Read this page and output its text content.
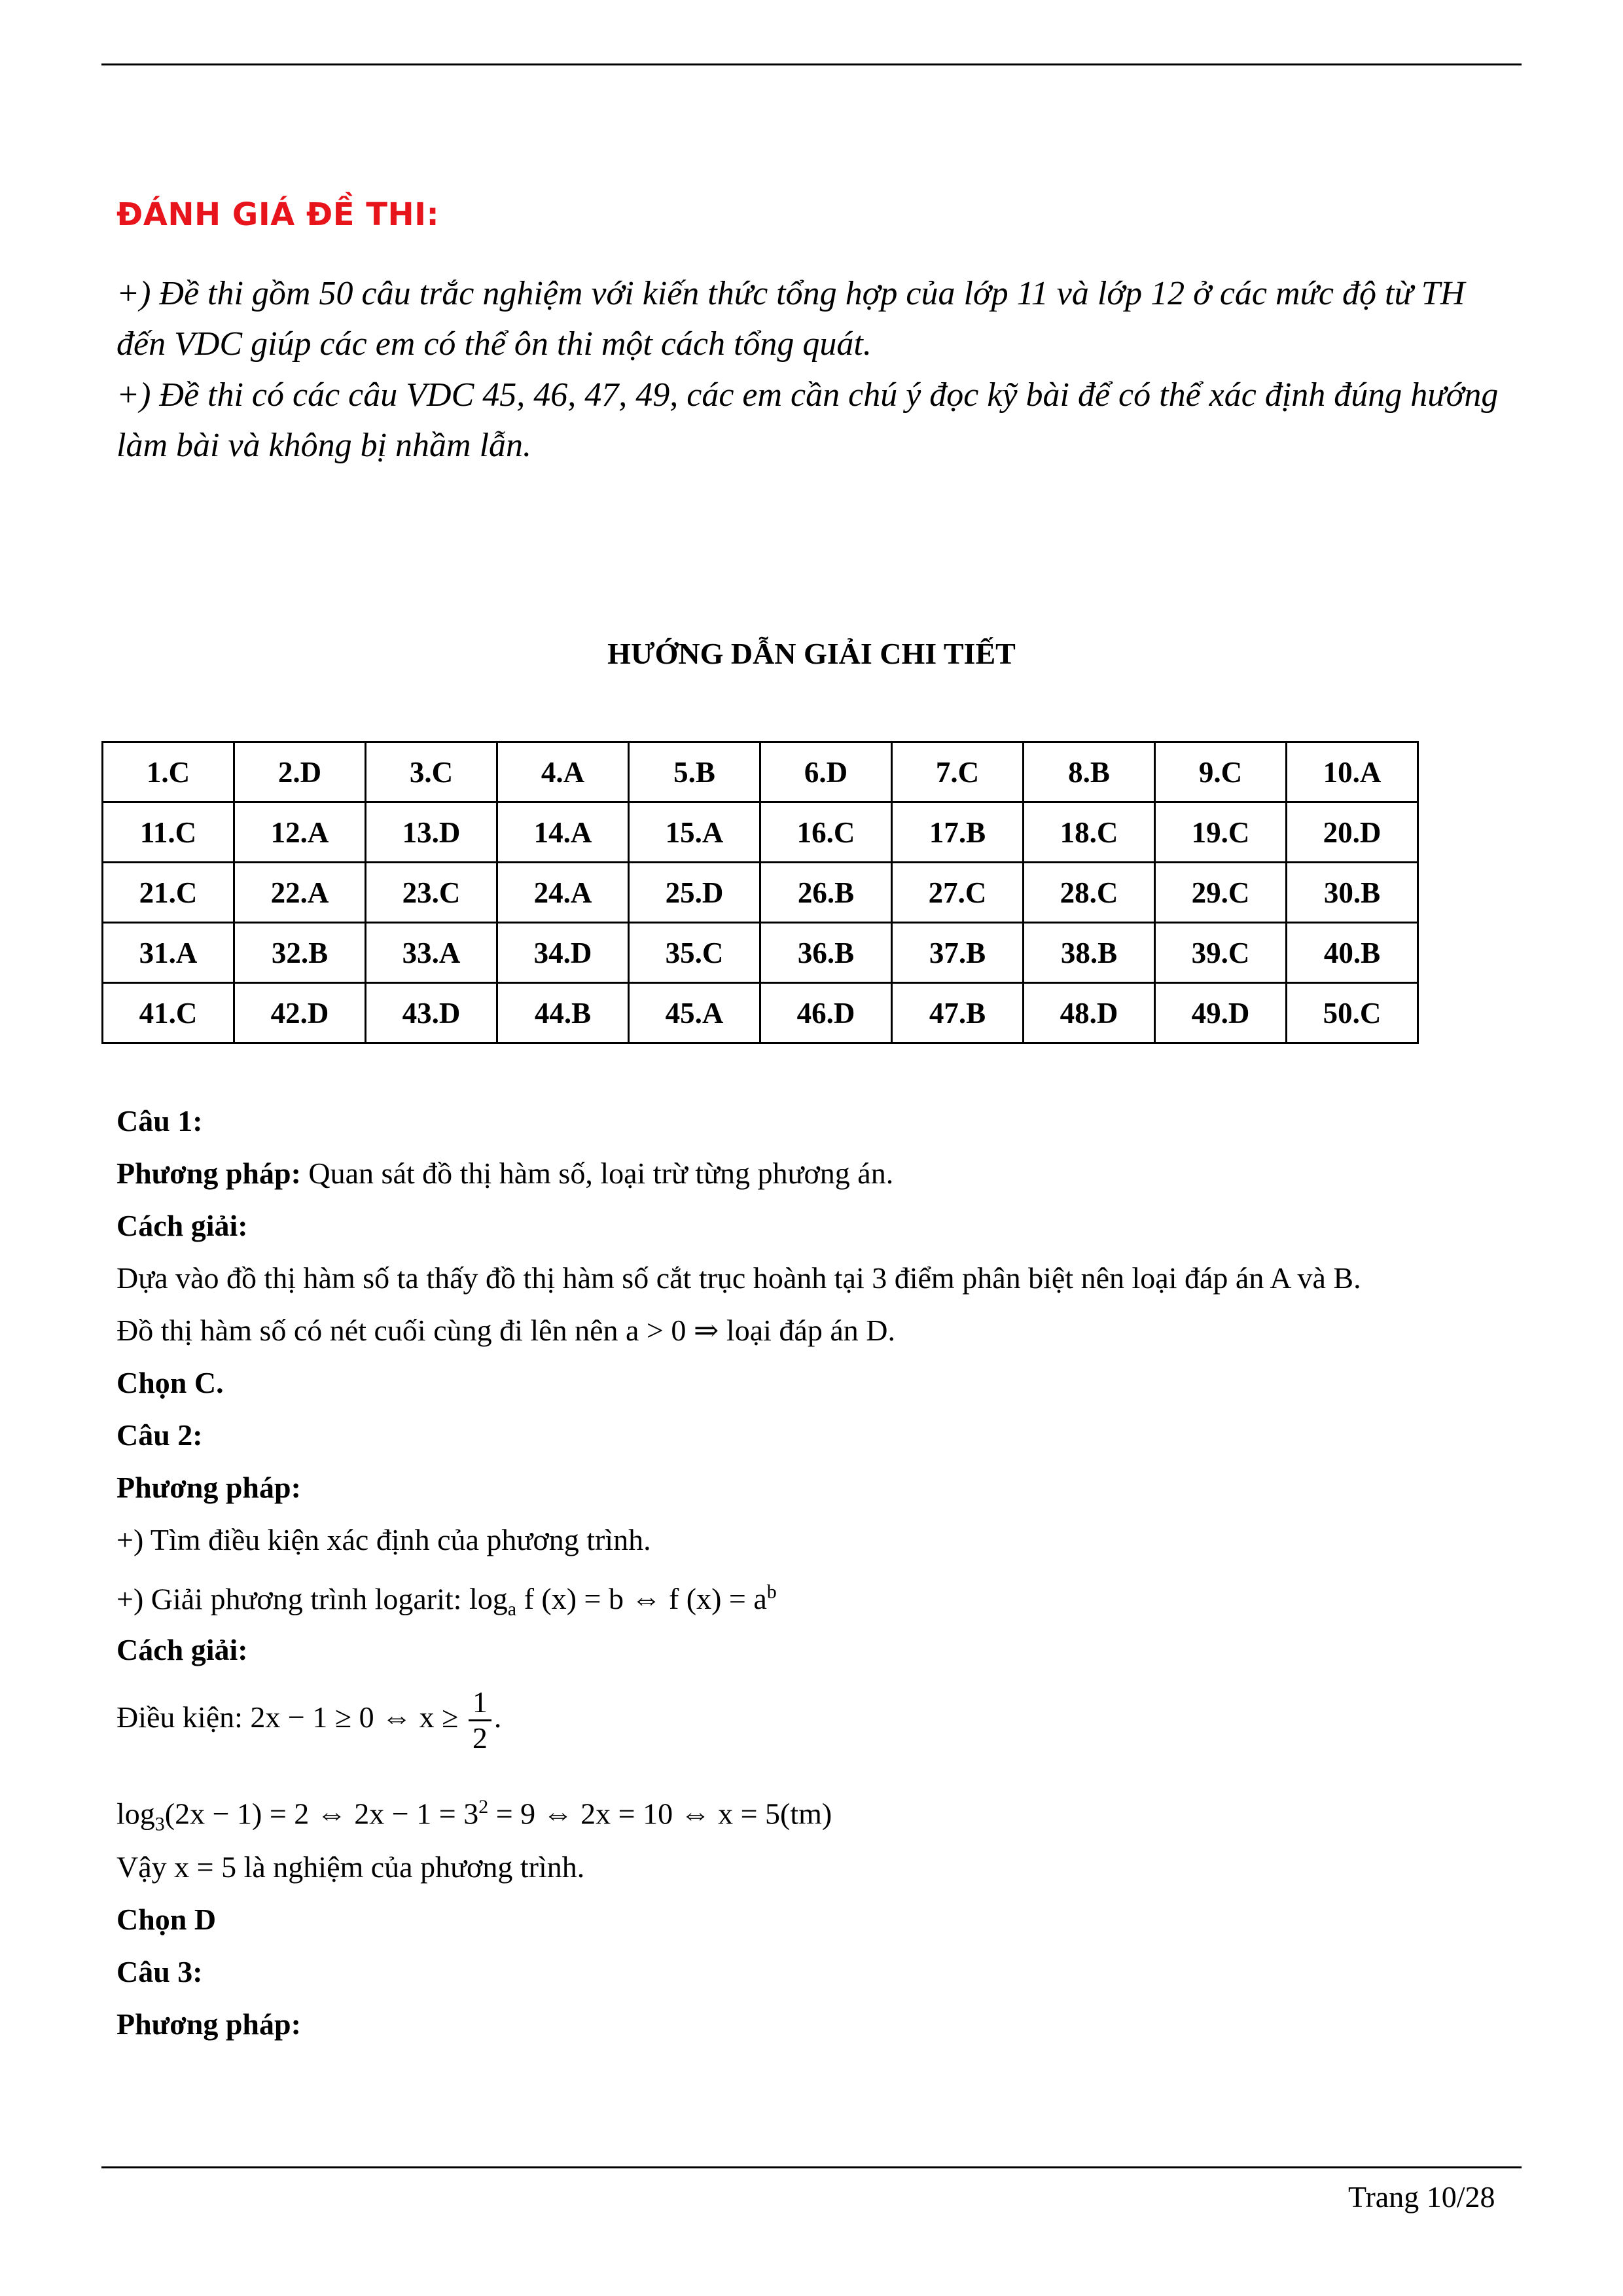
ĐÁNH GIÁ ĐỀ THI:

+) Đề thi gồm 50 câu trắc nghiệm với kiến thức tổng hợp của lớp 11 và lớp 12 ở các mức độ từ TH đến VDC giúp các em có thể ôn thi một cách tổng quát.

+) Đề thi có các câu VDC 45, 46, 47, 49, các em cần chú ý đọc kỹ bài để có thể xác định đúng hướng làm bài và không bị nhầm lẫn.

HƯỚNG DẪN GIẢI CHI TIẾT
1.C	2.D	3.C	4.A	5.B	6.D	7.C	8.B	9.C	10.A
11.C	12.A	13.D	14.A	15.A	16.C	17.B	18.C	19.C	20.D
21.C	22.A	23.C	24.A	25.D	26.B	27.C	28.C	29.C	30.B
31.A	32.B	33.A	34.D	35.C	36.B	37.B	38.B	39.C	40.B
41.C	42.D	43.D	44.B	45.A	46.D	47.B	48.D	49.D	50.C

Câu 1:

Phương pháp: Quan sát đồ thị hàm số, loại trừ từng phương án.

Cách giải:

Dựa vào đồ thị hàm số ta thấy đồ thị hàm số cắt trục hoành tại 3 điểm phân biệt nên loại đáp án A và B.

Đồ thị hàm số có nét cuối cùng đi lên nên a > 0 ⇒ loại đáp án D.

Chọn C.

Câu 2:

Phương pháp:

+) Tìm điều kiện xác định của phương trình.

+) Giải phương trình logarit: $\log_a f$ (x) = b ⇔ f $(x) = a^b$

Cách giải:

Điều kiện: 2x − 1 ≥ 0 ⇔ $x \ge \frac{1}{2}$ .

$\log_3(2x - 1) = 2$ ⇔ $2x - 1 = 3^2 = 9$ ⇔ 2x = 10 ⇔ x = 5(tm)

Vậy x = 5 là nghiệm của phương trình.

Chọn D

Câu 3:

Phương pháp:

Trang 10/28
